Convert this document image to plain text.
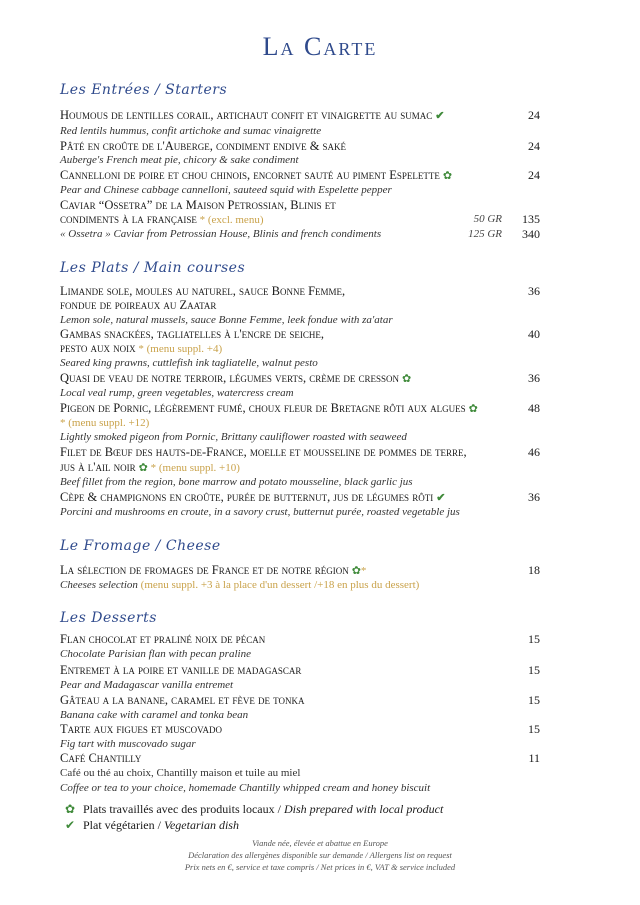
La Carte
Les Entrées / Starters
Houmous de lentilles corail, artichaut confit et vinaigrette au sumac ✔	24
Red lentils hummus, confit artichoke and sumac vinaigrette
Pâté en croûte de l'Auberge, condiment endive & saké	24
Auberge's French meat pie, chicory & sake condiment
Cannelloni de poire et chou chinois, encornet sauté au piment Espelette ✿	24
Pear and Chinese cabbage cannelloni, sauteed squid with Espelette pepper
Caviar “Ossetra” de la Maison Petrossian, Blinis et
condiments à la française * (excl. menu)	50 GR 135
« Ossetra » Caviar from Petrossian House, Blinis and french condiments	125 GR 340
Les Plats / Main courses
Limande sole, moules au naturel, sauce Bonne Femme,	36
fondue de poireaux au Zaatar
Lemon sole, natural mussels, sauce Bonne Femme, leek fondue with za'atar
Gambas snackées, tagliatelles à l'encre de seiche,	40
pesto aux noix * (menu suppl. +4)
Seared king prawns, cuttlefish ink tagliatelle, walnut pesto
Quasi de veau de notre terroir, légumes verts, crème de cresson ✿	36
Local veal rump, green vegetables, watercress cream
Pigeon de Pornic, légèrement fumé, choux fleur de Bretagne rôti aux algues ✿	48
* (menu suppl. +12)
Lightly smoked pigeon from Pornic, Brittany cauliflower roasted with seaweed
Filet de Bœuf des hauts-de-France, moelle et mousseline de pommes de terre,	46
jus à l'ail noir ✿ * (menu suppl. +10)
Beef fillet from the region, bone marrow and potato mousseline, black garlic jus
Cèpe & champignons en croûte, purée de butternut, jus de légumes rôti ✔	36
Porcini and mushrooms en croute, in a savory crust, butternut purée, roasted vegetable jus
Le Fromage / Cheese
La sélection de fromages de France et de notre région ✿*	18
Cheeses selection (menu suppl. +3 à la place d'un dessert /+18 en plus du dessert)
Les Desserts
Flan chocolat et praliné noix de pécan	15
Chocolate Parisian flan with pecan praline
Entremet à la poire et vanille de madagascar	15
Pear and Madagascar vanilla entremet
Gâteau a la banane, caramel et fève de tonka	15
Banana cake with caramel and tonka bean
Tarte aux figues et muscovado	15
Fig tart with muscovado sugar
Café Chantilly	11
Café ou thé au choix, Chantilly maison et tuile au miel
Coffee or tea to your choice, homemade Chantilly whipped cream and honey biscuit
✿ Plats travaillés avec des produits locaux / Dish prepared with local product
✔ Plat végétarien / Vegetarian dish
Viande née, élevée et abattue en Europe
Déclaration des allergènes disponible sur demande / Allergens list on request
Prix nets en €, service et taxe compris / Net prices in €, VAT & service included
